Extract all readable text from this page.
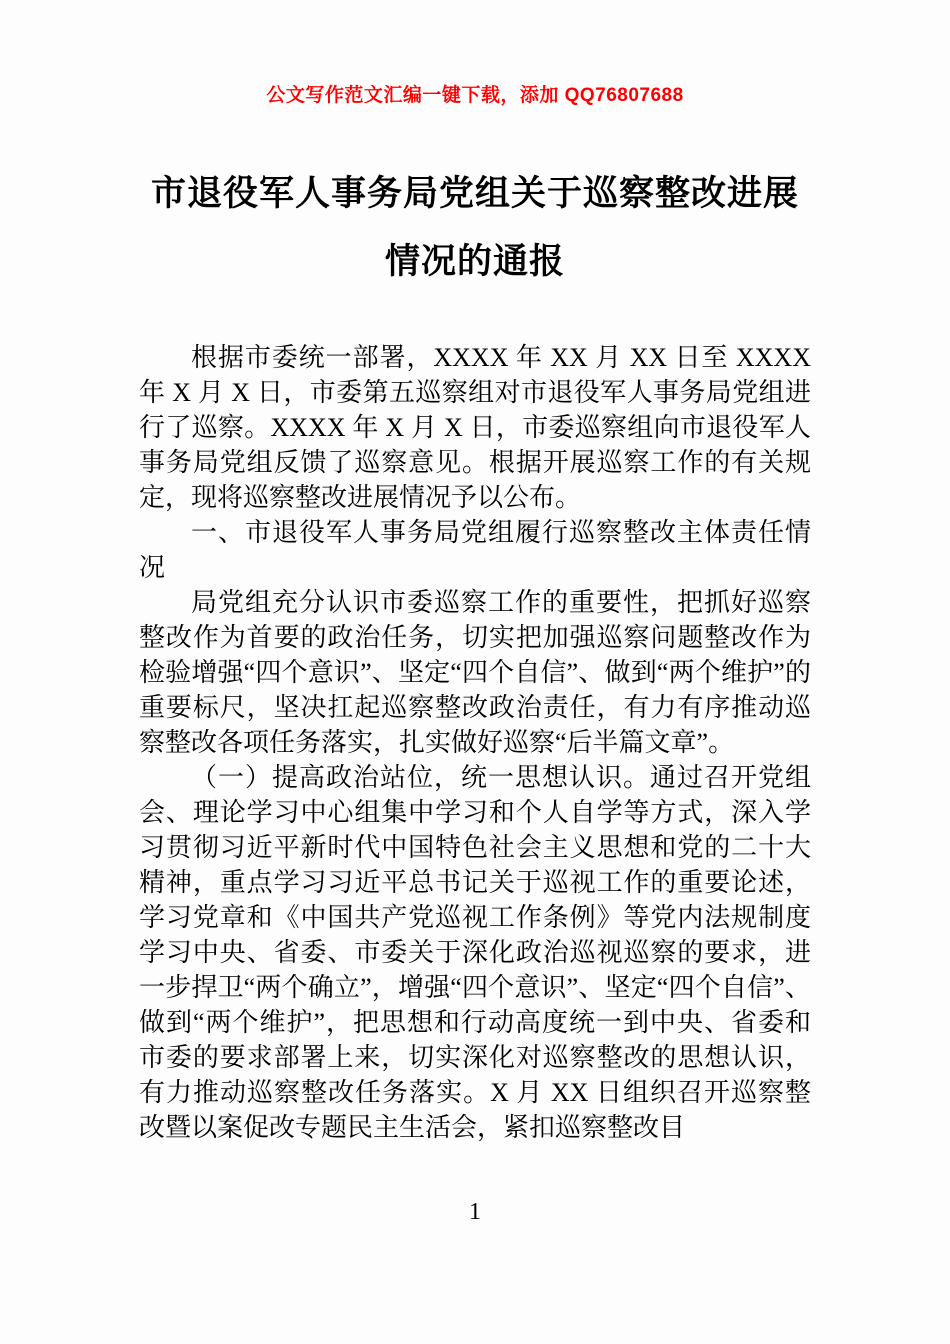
公文写作范文汇编一键下载，添加 QQ76807688
市退役军人事务局党组关于巡察整改进展
情况的通报

根据市委统一部署，XXXX 年 XX 月 XX 日至 XXXX 年 X 月 X 日，市委第五巡察组对市退役军人事务局党组进行了巡察。XXXX 年 X 月 X 日，市委巡察组向市退役军人事务局党组反馈了巡察意见。根据开展巡察工作的有关规定，现将巡察整改进展情况予以公布。

一、市退役军人事务局党组履行巡察整改主体责任情况

局党组充分认识市委巡察工作的重要性，把抓好巡察整改作为首要的政治任务，切实把加强巡察问题整改作为检验增强“四个意识”、坚定“四个自信”、做到“两个维护”的重要标尺，坚决扛起巡察整改政治责任，有力有序推动巡察整改各项任务落实，扎实做好巡察“后半篇文章”。

（一）提高政治站位，统一思想认识。通过召开党组会、理论学习中心组集中学习和个人自学等方式，深入学习贯彻习近平新时代中国特色社会主义思想和党的二十大精神，重点学习习近平总书记关于巡视工作的重要论述，学习党章和《中国共产党巡视工作条例》等党内法规制度学习中央、省委、市委关于深化政治巡视巡察的要求，进一步捍卫“两个确立”，增强“四个意识”、坚定“四个自信”、做到“两个维护”，把思想和行动高度统一到中央、省委和市委的要求部署上来，切实深化对巡察整改的思想认识，有力推动巡察整改任务落实。X 月 XX 日组织召开巡察整改暨以案促改专题民主生活会，紧扣巡察整改目

1
